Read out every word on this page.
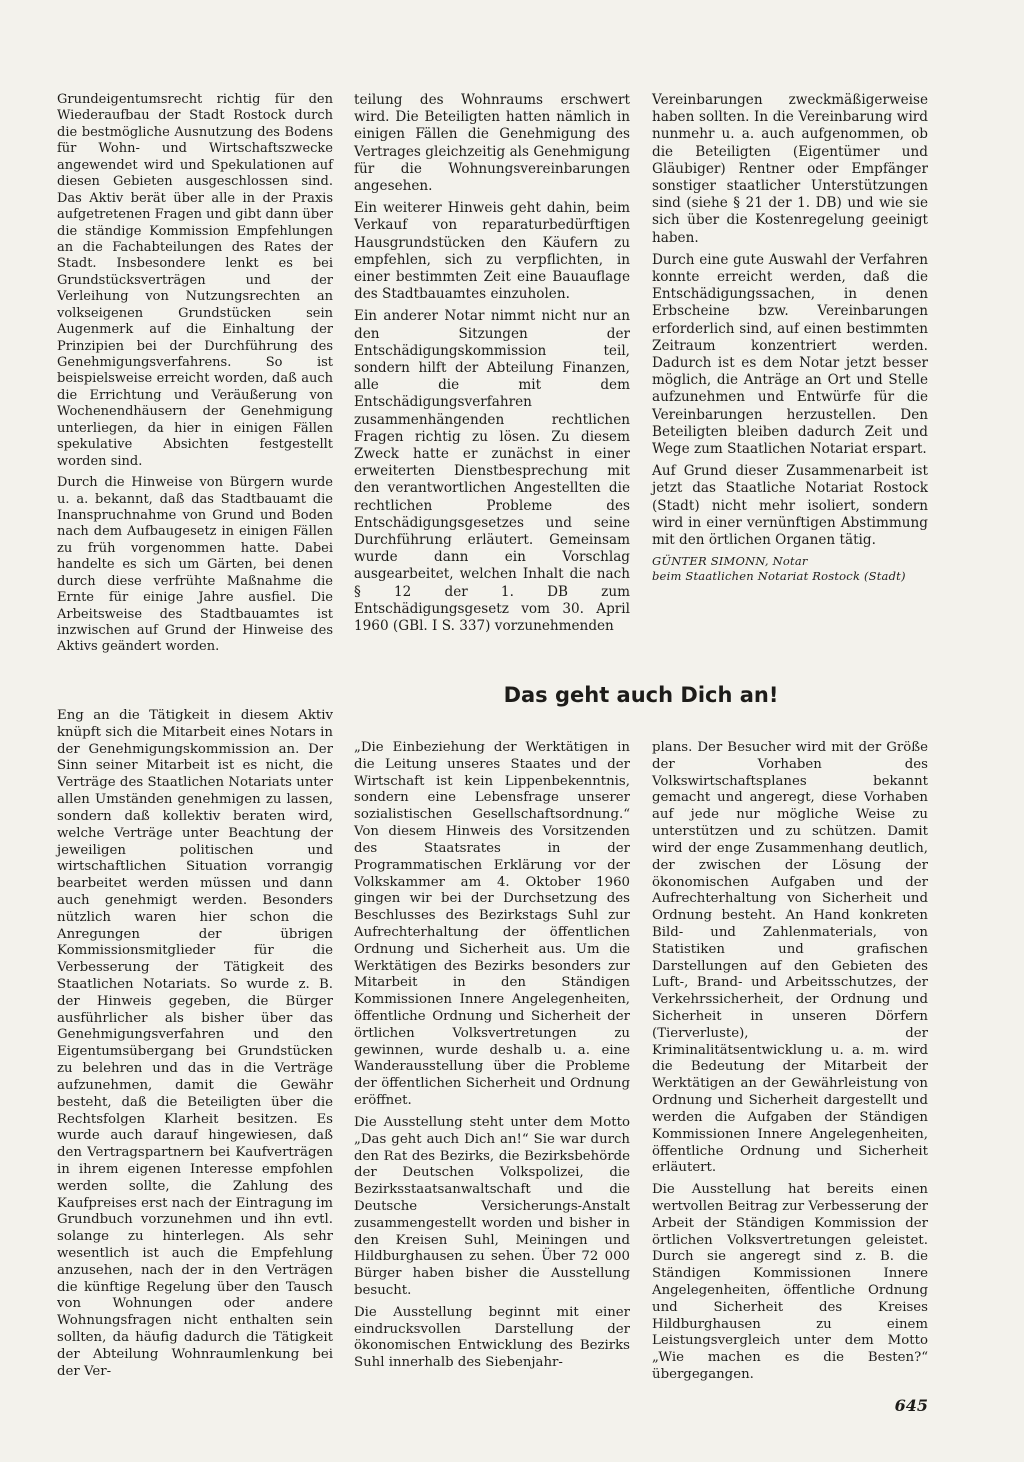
Grundeigentumsrecht richtig für den Wiederaufbau der Stadt Rostock durch die bestmögliche Ausnutzung des Bodens für Wohn- und Wirtschaftszwecke angewendet wird und Spekulationen auf diesen Gebieten ausgeschlossen sind. Das Aktiv berät über alle in der Praxis aufgetretenen Fragen und gibt dann über die ständige Kommission Empfehlungen an die Fachabteilungen des Rates der Stadt. Insbesondere lenkt es bei Grundstücksverträgen und der Verleihung von Nutzungsrechten an volkseigenen Grundstücken sein Augenmerk auf die Einhaltung der Prinzipien bei der Durchführung des Genehmigungsverfahrens. So ist beispielsweise erreicht worden, daß auch die Errichtung und Veräußerung von Wochenendhäusern der Genehmigung unterliegen, da hier in einigen Fällen spekulative Absichten festgestellt worden sind.

Durch die Hinweise von Bürgern wurde u. a. bekannt, daß das Stadtbauamt die Inanspruchnahme von Grund und Boden nach dem Aufbaugesetz in einigen Fällen zu früh vorgenommen hatte. Dabei handelte es sich um Gärten, bei denen durch diese verfrühte Maßnahme die Ernte für einige Jahre ausfiel. Die Arbeitsweise des Stadtbauamtes ist inzwischen auf Grund der Hinweise des Aktivs geändert worden.

teilung des Wohnraums erschwert wird. Die Beteiligten hatten nämlich in einigen Fällen die Genehmigung des Vertrages gleichzeitig als Genehmigung für die Wohnungsvereinbarungen angesehen.

Ein weiterer Hinweis geht dahin, beim Verkauf von reparaturbedürftigen Hausgrundstücken den Käufern zu empfehlen, sich zu verpflichten, in einer bestimmten Zeit eine Bauauflage des Stadtbauamtes einzuholen.

Ein anderer Notar nimmt nicht nur an den Sitzungen der Entschädigungskommission teil, sondern hilft der Abteilung Finanzen, alle die mit dem Entschädigungsverfahren zusammenhängenden rechtlichen Fragen richtig zu lösen. Zu diesem Zweck hatte er zunächst in einer erweiterten Dienstbesprechung mit den verantwortlichen Angestellten die rechtlichen Probleme des Entschädigungsgesetzes und seine Durchführung erläutert. Gemeinsam wurde dann ein Vorschlag ausgearbeitet, welchen Inhalt die nach § 12 der 1. DB zum Entschädigungsgesetz vom 30. April 1960 (GBl. I S. 337) vorzunehmenden

Vereinbarungen zweckmäßigerweise haben sollten. In die Vereinbarung wird nunmehr u. a. auch aufgenommen, ob die Beteiligten (Eigentümer und Gläubiger) Rentner oder Empfänger sonstiger staatlicher Unterstützungen sind (siehe § 21 der 1. DB) und wie sie sich über die Kostenregelung geeinigt haben.

Durch eine gute Auswahl der Verfahren konnte erreicht werden, daß die Entschädigungssachen, in denen Erbscheine bzw. Vereinbarungen erforderlich sind, auf einen bestimmten Zeitraum konzentriert werden. Dadurch ist es dem Notar jetzt besser möglich, die Anträge an Ort und Stelle aufzunehmen und Entwürfe für die Vereinbarungen herzustellen. Den Beteiligten bleiben dadurch Zeit und Wege zum Staatlichen Notariat erspart.

Auf Grund dieser Zusammenarbeit ist jetzt das Staatliche Notariat Rostock (Stadt) nicht mehr isoliert, sondern wird in einer vernünftigen Abstimmung mit den örtlichen Organen tätig.

GÜNTER SIMONN, Notar
beim Staatlichen Notariat Rostock (Stadt)
Das geht auch Dich an!

Eng an die Tätigkeit in diesem Aktiv knüpft sich die Mitarbeit eines Notars in der Genehmigungskommission an. Der Sinn seiner Mitarbeit ist es nicht, die Verträge des Staatlichen Notariats unter allen Umständen genehmigen zu lassen, sondern daß kollektiv beraten wird, welche Verträge unter Beachtung der jeweiligen politischen und wirtschaftlichen Situation vorrangig bearbeitet werden müssen und dann auch genehmigt werden. Besonders nützlich waren hier schon die Anregungen der übrigen Kommissionsmitglieder für die Verbesserung der Tätigkeit des Staatlichen Notariats. So wurde z. B. der Hinweis gegeben, die Bürger ausführlicher als bisher über das Genehmigungsverfahren und den Eigentumsübergang bei Grundstücken zu belehren und das in die Verträge aufzunehmen, damit die Gewähr besteht, daß die Beteiligten über die Rechtsfolgen Klarheit besitzen. Es wurde auch darauf hingewiesen, daß den Vertragspartnern bei Kaufverträgen in ihrem eigenen Interesse empfohlen werden sollte, die Zahlung des Kaufpreises erst nach der Eintragung im Grundbuch vorzunehmen und ihn evtl. solange zu hinterlegen. Als sehr wesentlich ist auch die Empfehlung anzusehen, nach der in den Verträgen die künftige Regelung über den Tausch von Wohnungen oder andere Wohnungsfragen nicht enthalten sein sollten, da häufig dadurch die Tätigkeit der Abteilung Wohnraumlenkung bei der Ver-

„Die Einbeziehung der Werktätigen in die Leitung unseres Staates und der Wirtschaft ist kein Lippenbekenntnis, sondern eine Lebensfrage unserer sozialistischen Gesellschaftsordnung.“ Von diesem Hinweis des Vorsitzenden des Staatsrates in der Programmatischen Erklärung vor der Volkskammer am 4. Oktober 1960 gingen wir bei der Durchsetzung des Beschlusses des Bezirkstags Suhl zur Aufrechterhaltung der öffentlichen Ordnung und Sicherheit aus. Um die Werktätigen des Bezirks besonders zur Mitarbeit in den Ständigen Kommissionen Innere Angelegenheiten, öffentliche Ordnung und Sicherheit der örtlichen Volksvertretungen zu gewinnen, wurde deshalb u. a. eine Wanderausstellung über die Probleme der öffentlichen Sicherheit und Ordnung eröffnet.

Die Ausstellung steht unter dem Motto „Das geht auch Dich an!“ Sie war durch den Rat des Bezirks, die Bezirksbehörde der Deutschen Volkspolizei, die Bezirksstaatsanwaltschaft und die Deutsche Versicherungs-Anstalt zusammengestellt worden und bisher in den Kreisen Suhl, Meiningen und Hildburghausen zu sehen. Über 72 000 Bürger haben bisher die Ausstellung besucht.

Die Ausstellung beginnt mit einer eindrucksvollen Darstellung der ökonomischen Entwicklung des Bezirks Suhl innerhalb des Siebenjahr-

plans. Der Besucher wird mit der Größe der Vorhaben des Volkswirtschaftsplanes bekannt gemacht und angeregt, diese Vorhaben auf jede nur mögliche Weise zu unterstützen und zu schützen. Damit wird der enge Zusammenhang deutlich, der zwischen der Lösung der ökonomischen Aufgaben und der Aufrechterhaltung von Sicherheit und Ordnung besteht. An Hand konkreten Bild- und Zahlenmaterials, von Statistiken und grafischen Darstellungen auf den Gebieten des Luft-, Brand- und Arbeitsschutzes, der Verkehrssicherheit, der Ordnung und Sicherheit in unseren Dörfern (Tierverluste), der Kriminalitätsentwicklung u. a. m. wird die Bedeutung der Mitarbeit der Werktätigen an der Gewährleistung von Ordnung und Sicherheit dargestellt und werden die Aufgaben der Ständigen Kommissionen Innere Angelegenheiten, öffentliche Ordnung und Sicherheit erläutert.

Die Ausstellung hat bereits einen wertvollen Beitrag zur Verbesserung der Arbeit der Ständigen Kommission der örtlichen Volksvertretungen geleistet. Durch sie angeregt sind z. B. die Ständigen Kommissionen Innere Angelegenheiten, öffentliche Ordnung und Sicherheit des Kreises Hildburghausen zu einem Leistungsvergleich unter dem Motto „Wie machen es die Besten?“ übergegangen.

645
